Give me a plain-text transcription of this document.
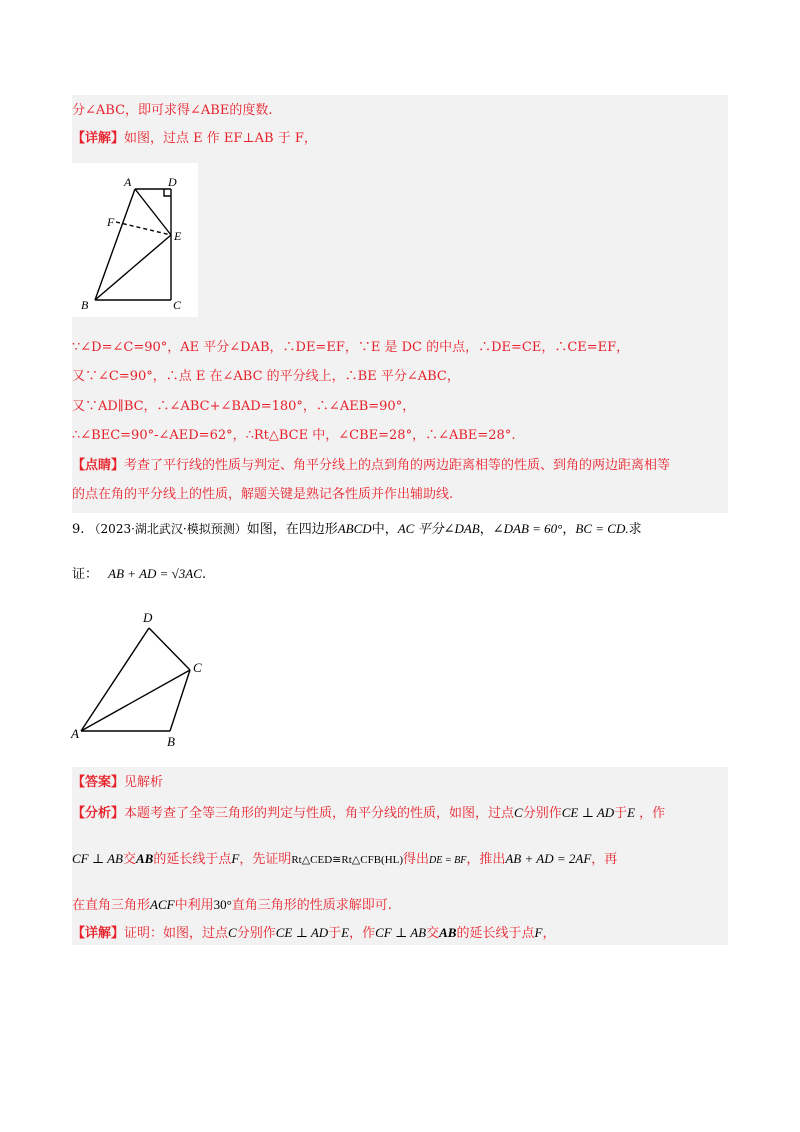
分∠ABC，即可求得∠ABE的度数.
【详解】如图，过点 E 作 EF⊥AB 于 F，
A	D
F
E
B	C
∵∠D=∠C=90°，AE 平分∠DAB，∴DE=EF，∵E 是 DC 的中点，∴DE=CE，∴CE=EF，
又∵∠C=90°，∴点 E 在∠ABC 的平分线上，∴BE 平分∠ABC，
又∵AD∥BC，∴∠ABC+∠BAD=180°，∴∠AEB=90°，
∴∠BEC=90°-∠AED=62°，∴Rt△BCE 中，∠CBE=28°，∴∠ABE=28°.
【点睛】考查了平行线的性质与判定、角平分线上的点到角的两边距离相等的性质、到角的两边距离相等
的点在角的平分线上的性质，解题关键是熟记各性质并作出辅助线.
9. （2023·湖北武汉·模拟预测）如图，在四边形ABCD中，AC 平分∠DAB，∠DAB = 60°，BC = CD.求
证： AB + AD = √3AC.
D
C
A
B
【答案】见解析
【分析】本题考查了全等三角形的判定与性质，角平分线的性质，如图，过点C分别作CE ⊥ AD于E ，作
CF ⊥ AB交AB的延长线于点F，先证明Rt△CED≅Rt△CFB(HL)得出DE = BF，推出AB + AD = 2AF，再
在直角三角形ACF中利用30°直角三角形的性质求解即可.
【详解】证明：如图，过点C分别作CE ⊥ AD于E，作CF ⊥ AB交AB的延长线于点F，
